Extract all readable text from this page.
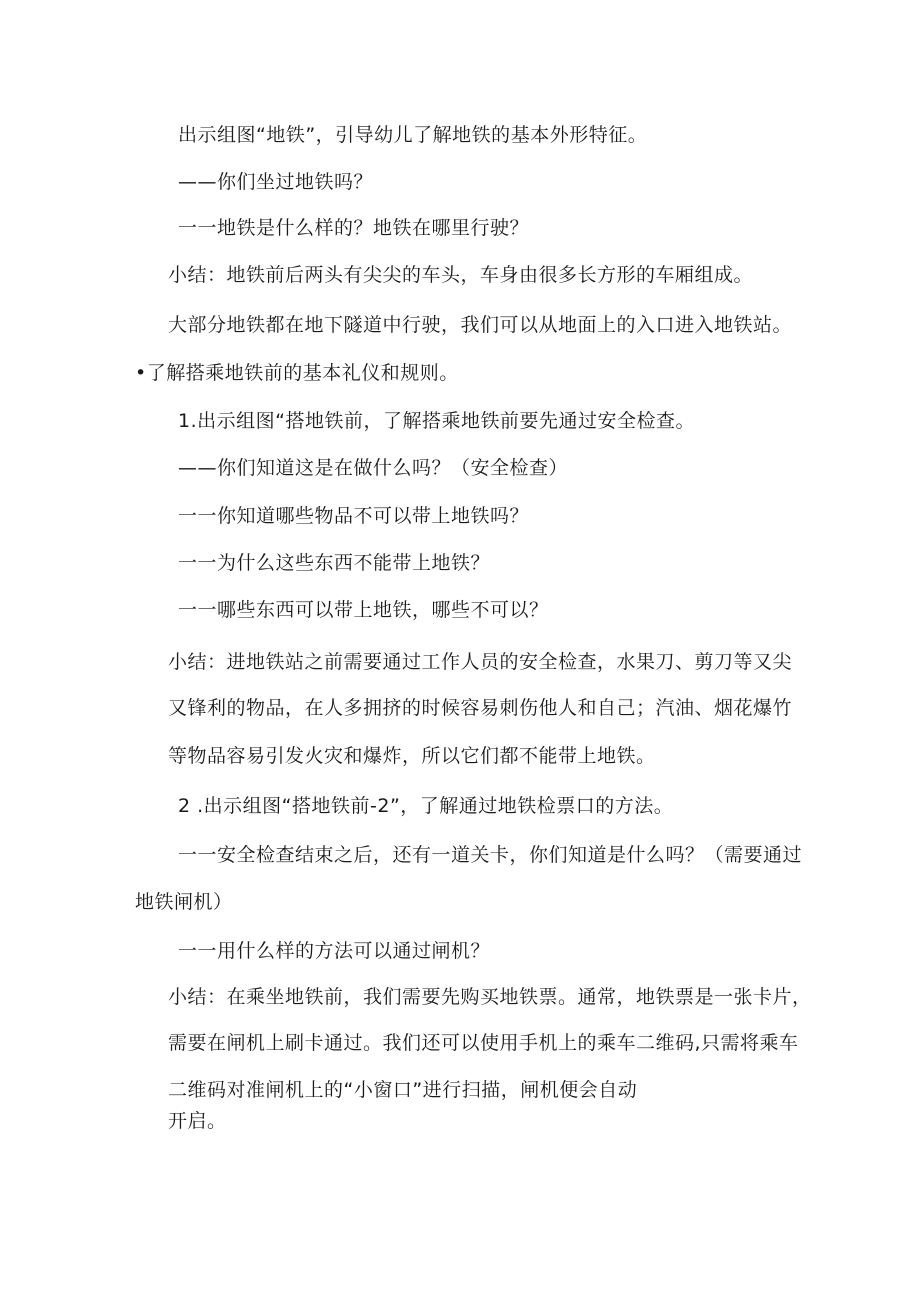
出示组图“地铁”，引导幼儿了解地铁的基本外形特征。
——你们坐过地铁吗？
一一地铁是什么样的？地铁在哪里行驶？
小结：地铁前后两头有尖尖的车头，车身由很多长方形的车厢组成。
大部分地铁都在地下隧道中行驶，我们可以从地面上的入口进入地铁站。
•了解搭乘地铁前的基本礼仪和规则。
1.出示组图“搭地铁前，了解搭乘地铁前要先通过安全检查。
——你们知道这是在做什么吗？（安全检查）
一一你知道哪些物品不可以带上地铁吗？
一一为什么这些东西不能带上地铁？
一一哪些东西可以带上地铁，哪些不可以？
小结：进地铁站之前需要通过工作人员的安全检查，水果刀、剪刀等又尖
又锋利的物品，在人多拥挤的时候容易刺伤他人和自己；汽油、烟花爆竹
等物品容易引发火灾和爆炸，所以它们都不能带上地铁。
2 .出示组图“搭地铁前-2”，了解通过地铁检票口的方法。
一一安全检查结束之后，还有一道关卡，你们知道是什么吗？（需要通过
地铁闸机）
一一用什么样的方法可以通过闸机？
小结：在乘坐地铁前，我们需要先购买地铁票。通常，地铁票是一张卡片，
需要在闸机上刷卡通过。我们还可以使用手机上的乘车二维码,只需将乘车
二维码对准闸机上的“小窗口”进行扫描，闸机便会自动
开启。
